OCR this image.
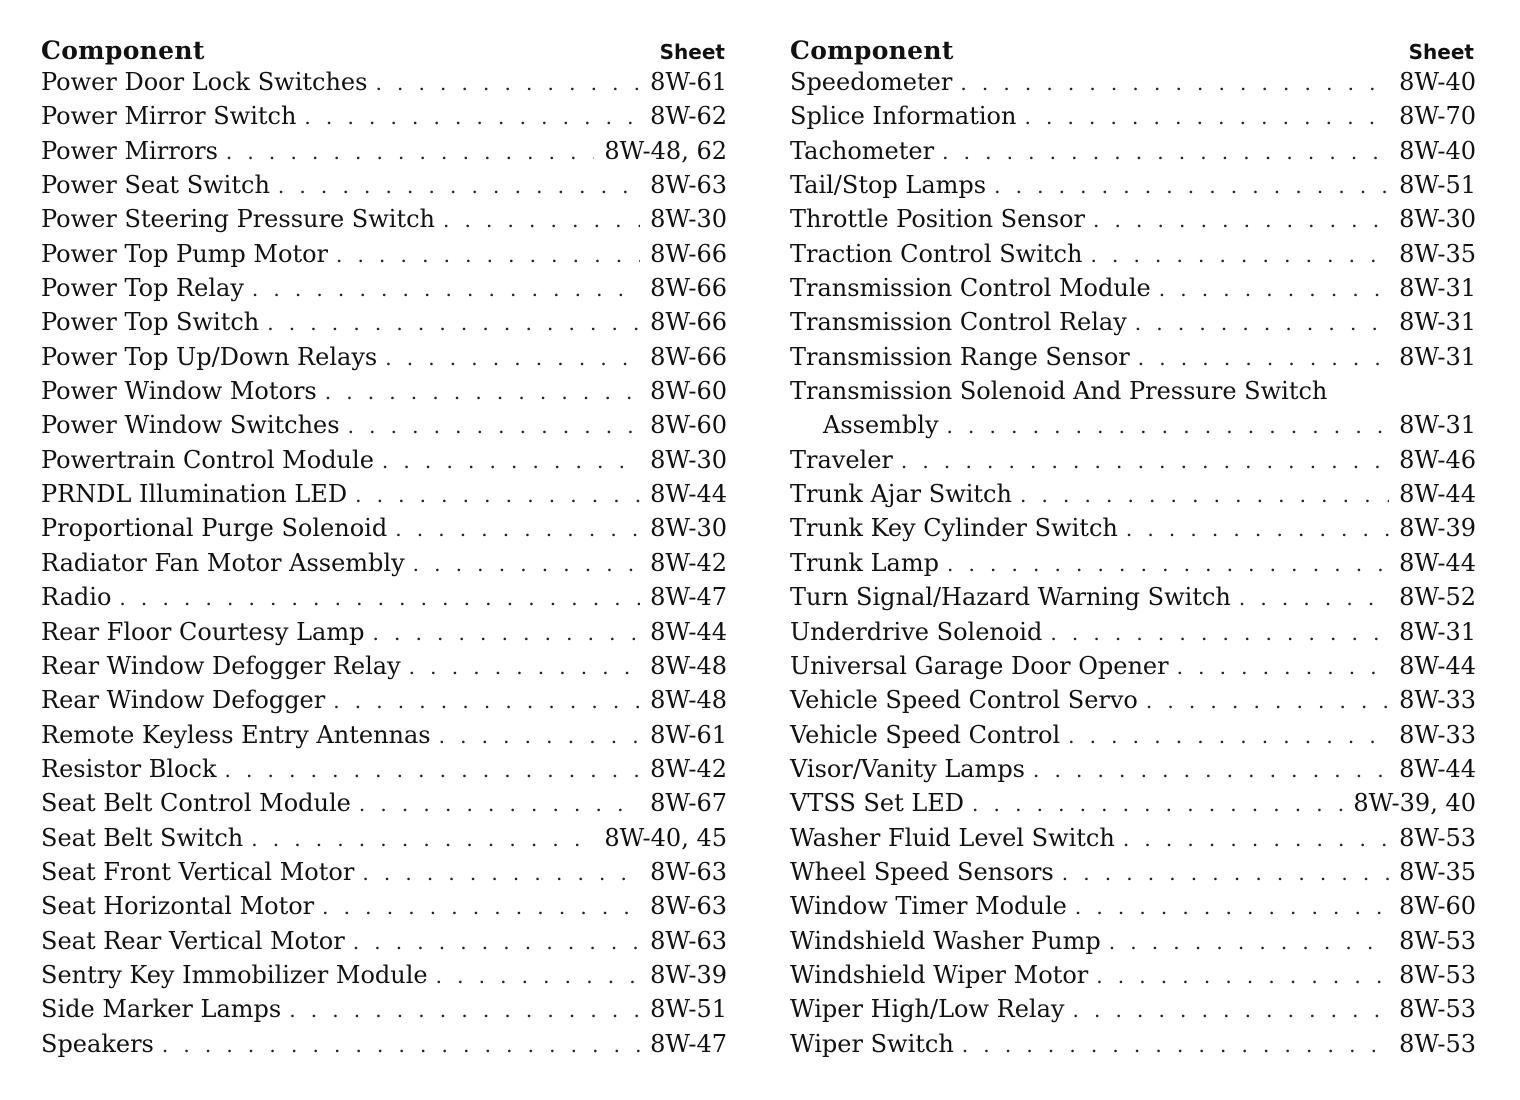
Component	Sheet
Power Door Lock Switches . . .	8W-61
Power Mirror Switch . . .	8W-62
Power Mirrors . . .	8W-48, 62
Power Seat Switch . . .	8W-63
Power Steering Pressure Switch . . .	8W-30
Power Top Pump Motor . . .	8W-66
Power Top Relay . . .	8W-66
Power Top Switch . . .	8W-66
Power Top Up/Down Relays . . .	8W-66
Power Window Motors . . .	8W-60
Power Window Switches . . .	8W-60
Powertrain Control Module . . .	8W-30
PRNDL Illumination LED . . .	8W-44
Proportional Purge Solenoid . . .	8W-30
Radiator Fan Motor Assembly . . .	8W-42
Radio . . .	8W-47
Rear Floor Courtesy Lamp . . .	8W-44
Rear Window Defogger Relay . . .	8W-48
Rear Window Defogger . . .	8W-48
Remote Keyless Entry Antennas . . .	8W-61
Resistor Block . . .	8W-42
Seat Belt Control Module . . .	8W-67
Seat Belt Switch . . .	8W-40, 45
Seat Front Vertical Motor . . .	8W-63
Seat Horizontal Motor . . .	8W-63
Seat Rear Vertical Motor . . .	8W-63
Sentry Key Immobilizer Module . . .	8W-39
Side Marker Lamps . . .	8W-51
Speakers . . .	8W-47
Component	Sheet
Speedometer . . .	8W-40
Splice Information . . .	8W-70
Tachometer . . .	8W-40
Tail/Stop Lamps . . .	8W-51
Throttle Position Sensor . . .	8W-30
Traction Control Switch . . .	8W-35
Transmission Control Module . . .	8W-31
Transmission Control Relay . . .	8W-31
Transmission Range Sensor . . .	8W-31
Transmission Solenoid And Pressure Switch
Assembly . . .	8W-31
Traveler . . .	8W-46
Trunk Ajar Switch . . .	8W-44
Trunk Key Cylinder Switch . . .	8W-39
Trunk Lamp . . .	8W-44
Turn Signal/Hazard Warning Switch . . .	8W-52
Underdrive Solenoid . . .	8W-31
Universal Garage Door Opener . . .	8W-44
Vehicle Speed Control Servo . . .	8W-33
Vehicle Speed Control . . .	8W-33
Visor/Vanity Lamps . . .	8W-44
VTSS Set LED . . .	8W-39, 40
Washer Fluid Level Switch . . .	8W-53
Wheel Speed Sensors . . .	8W-35
Window Timer Module . . .	8W-60
Windshield Washer Pump . . .	8W-53
Windshield Wiper Motor . . .	8W-53
Wiper High/Low Relay . . .	8W-53
Wiper Switch . . .	8W-53
